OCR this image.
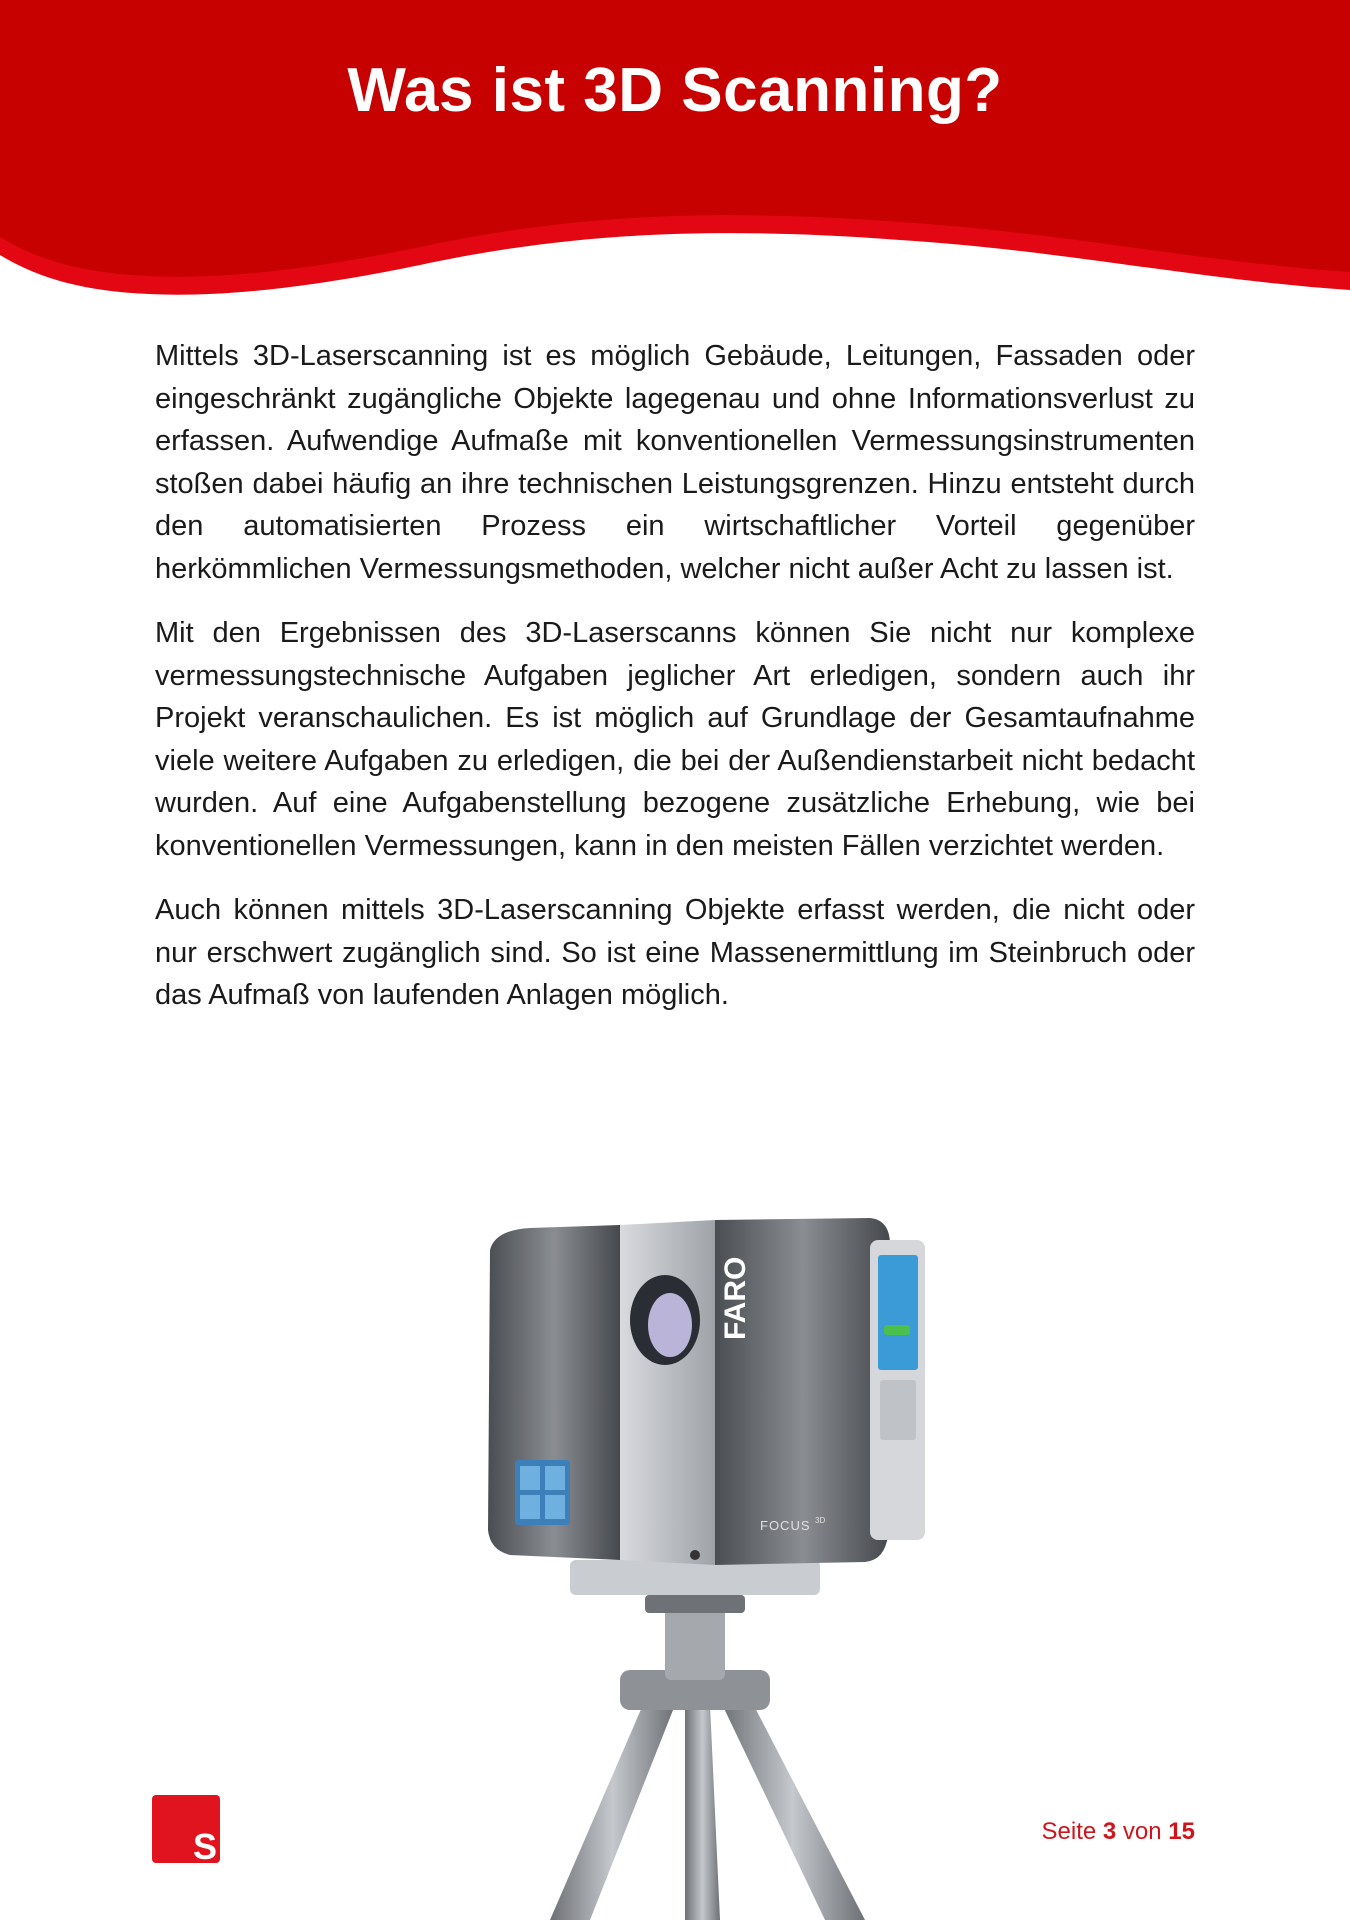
Was ist 3D Scanning?

Mittels 3D-Laserscanning ist es möglich Gebäude, Leitungen, Fassaden oder eingeschränkt zugängliche Objekte lagegenau und ohne Informationsverlust zu erfassen. Aufwendige Aufmaße mit konventionellen Vermessungsinstrumenten stoßen dabei häufig an ihre technischen Leistungsgrenzen. Hinzu entsteht durch den automatisierten Prozess ein wirtschaftlicher Vorteil gegenüber herkömmlichen Vermessungsmethoden, welcher nicht außer Acht zu lassen ist.

Mit den Ergebnissen des 3D-Laserscanns können Sie nicht nur komplexe vermessungstechnische Aufgaben jeglicher Art erledigen, sondern auch ihr Projekt veranschaulichen. Es ist möglich auf Grundlage der Gesamtaufnahme viele weitere Aufgaben zu erledigen, die bei der Außendienstarbeit nicht bedacht wurden. Auf eine Aufgabenstellung bezogene zusätzliche Erhebung, wie bei konventionellen Vermessungen, kann in den meisten Fällen verzichtet werden.

Auch können mittels 3D-Laserscanning Objekte erfasst werden, die nicht oder nur erschwert zugänglich sind. So ist eine Massenermittlung im Steinbruch oder das Aufmaß von laufenden Anlagen möglich.

FARO
FOCUS 3D
S	Seite 3 von 15
